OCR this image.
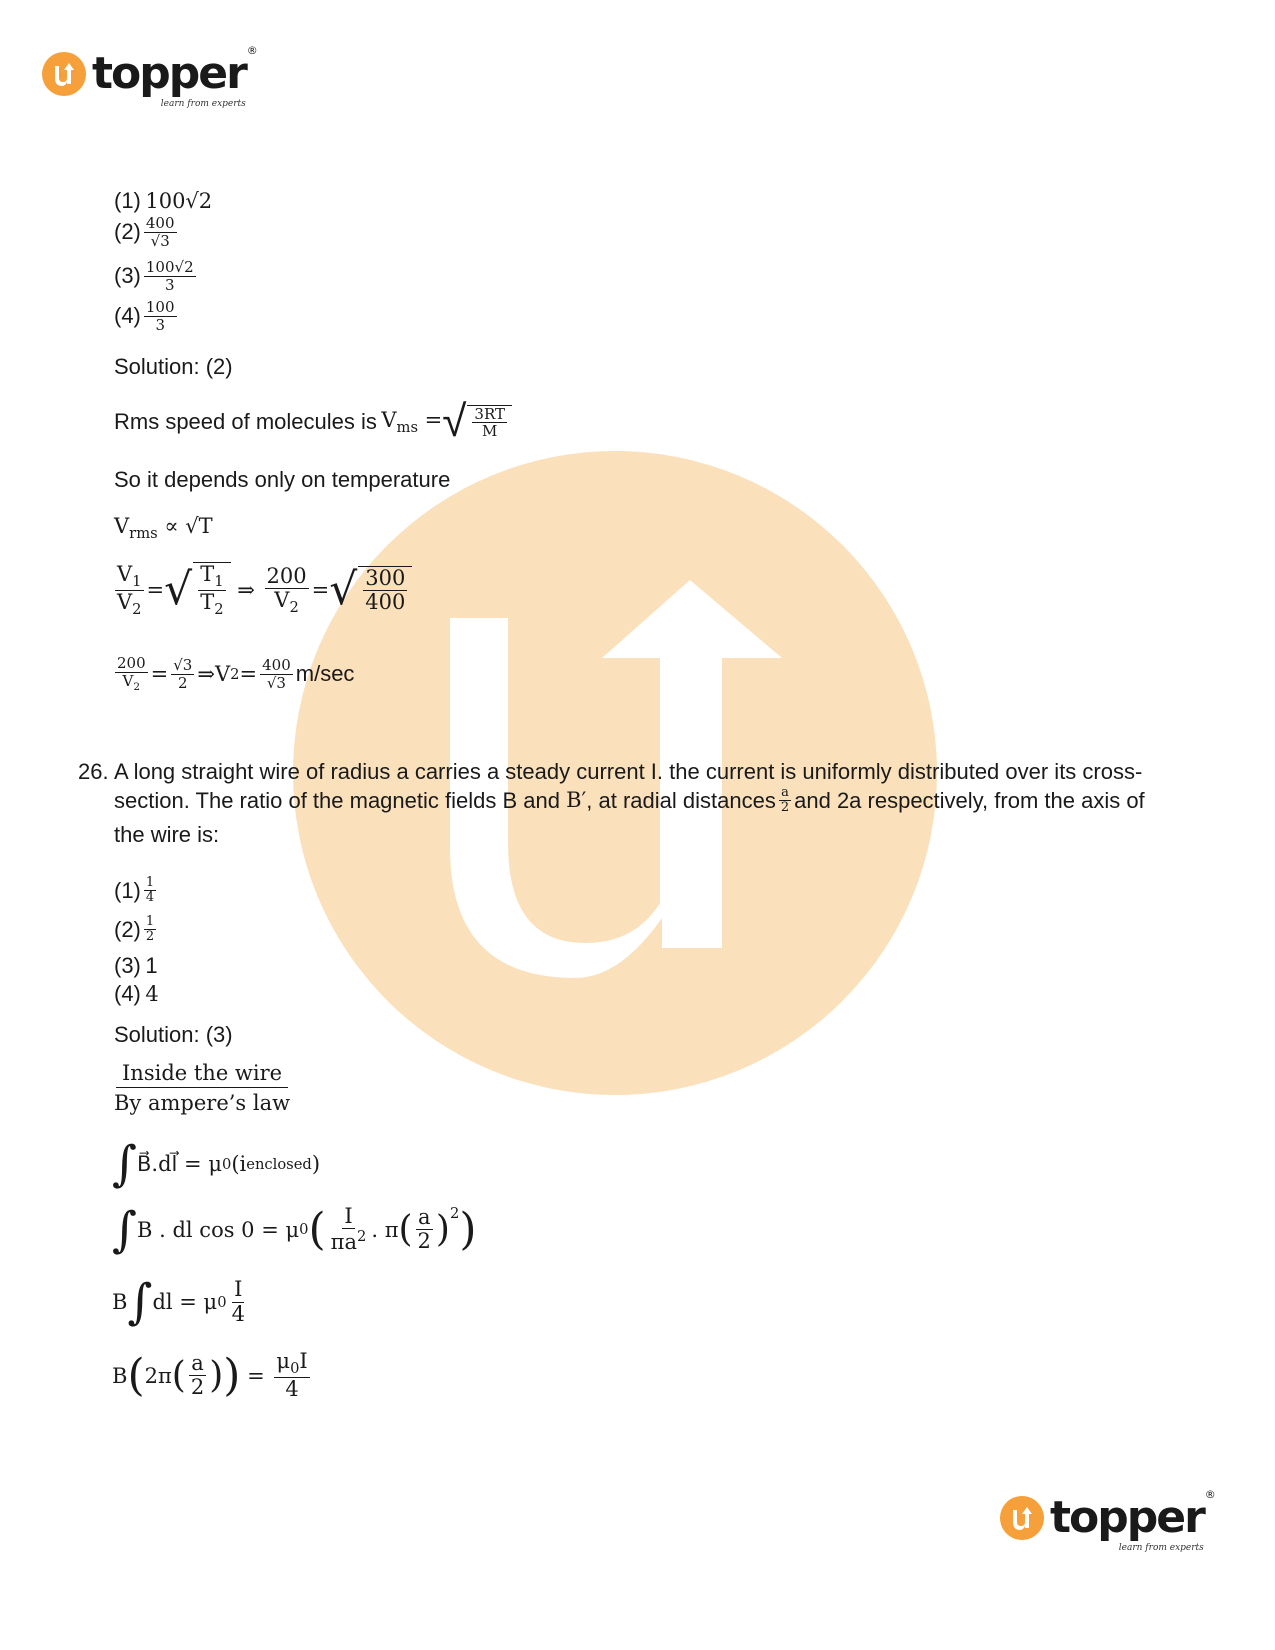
topper ®
learn from experts
(1)
100√2
$(2) \frac{400}{√3}$
$(3) \frac{100√2}{3}$
$(4) \frac{100}{3}$
Solution: (2)
Rms speed of molecules is
$V_{ms}$ = √ $\frac{3RT}{M}$
So it depends only on temperature
$V_{rms} \propto √T$
$\frac{V_1}{V_2}$ = √ $\frac{T_1}{T_2}$ ⇒ $\frac{200}{V_2}$ = √ $\frac{300}{400}$
$\frac{200}{V_2} = \frac{√3}{2}$ ⇒ V $2 = \frac{400}{√3} m/\sec$
26. A long straight wire of radius a carries a steady current I. the current is uniformly distributed over its cross-
section. The ratio of the magnetic fields B and
B′ , at radial distances $\frac{a}{2}$ and 2a respectively, from the axis of
the wire is:
$(1) \frac{1}{4}$
$(2) \frac{1}{2}$
(3)
1
(4)
4
Solution: (3)
$\frac{\text{Inside the wire}}{\text{By ampere’s law}}$
∫ B⃗.dl⃗ = μ 0 (i enclosed )
∫ B . dl cos 0 = μ 0 ( $\frac{I}{\pi a^2}$ . π ( $\frac{a}{2} )^2$ )
B ∫ dl = μ $0 \frac{I}{4}$
B ( 2π ( $\frac{a}{2}$ ) )
=
$\frac{\mu_0I}{4}$
topper ®
learn from experts
